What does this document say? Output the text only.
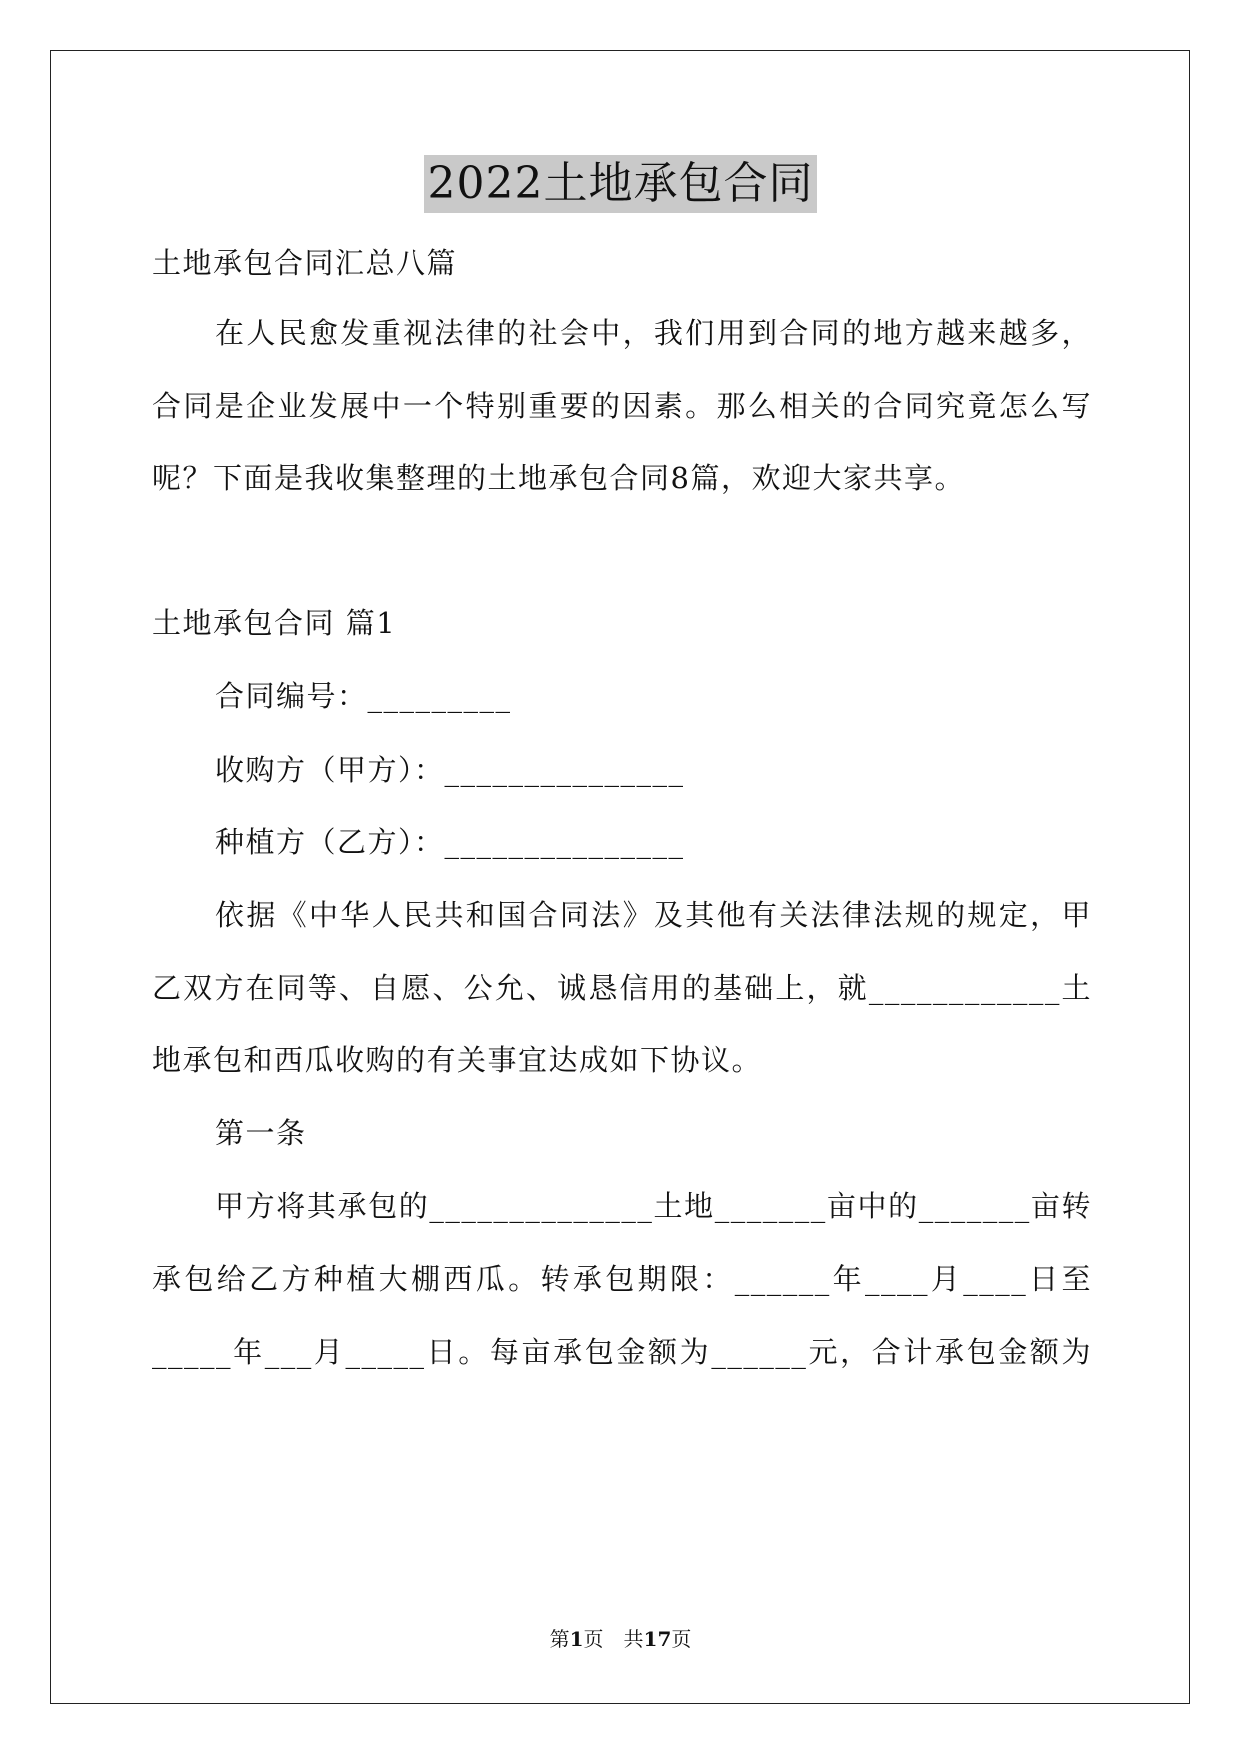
2022土地承包合同
土地承包合同汇总八篇
在人民愈发重视法律的社会中，我们用到合同的地方越来越多，
合同是企业发展中一个特别重要的因素。那么相关的合同究竟怎么写
呢？下面是我收集整理的土地承包合同8篇，欢迎大家共享。
土地承包合同 篇1
合同编号：_________
收购方（甲方）：_______________
种植方（乙方）：_______________
依据《中华人民共和国合同法》及其他有关法律法规的规定，甲
乙双方在同等、自愿、公允、诚恳信用的基础上，就____________土
地承包和西瓜收购的有关事宜达成如下协议。
第一条
甲方将其承包的______________土地_______亩中的_______亩转
承包给乙方种植大棚西瓜。转承包期限：______年____月____日至
_____年___月_____日。每亩承包金额为______元，合计承包金额为
第1页　共17页
